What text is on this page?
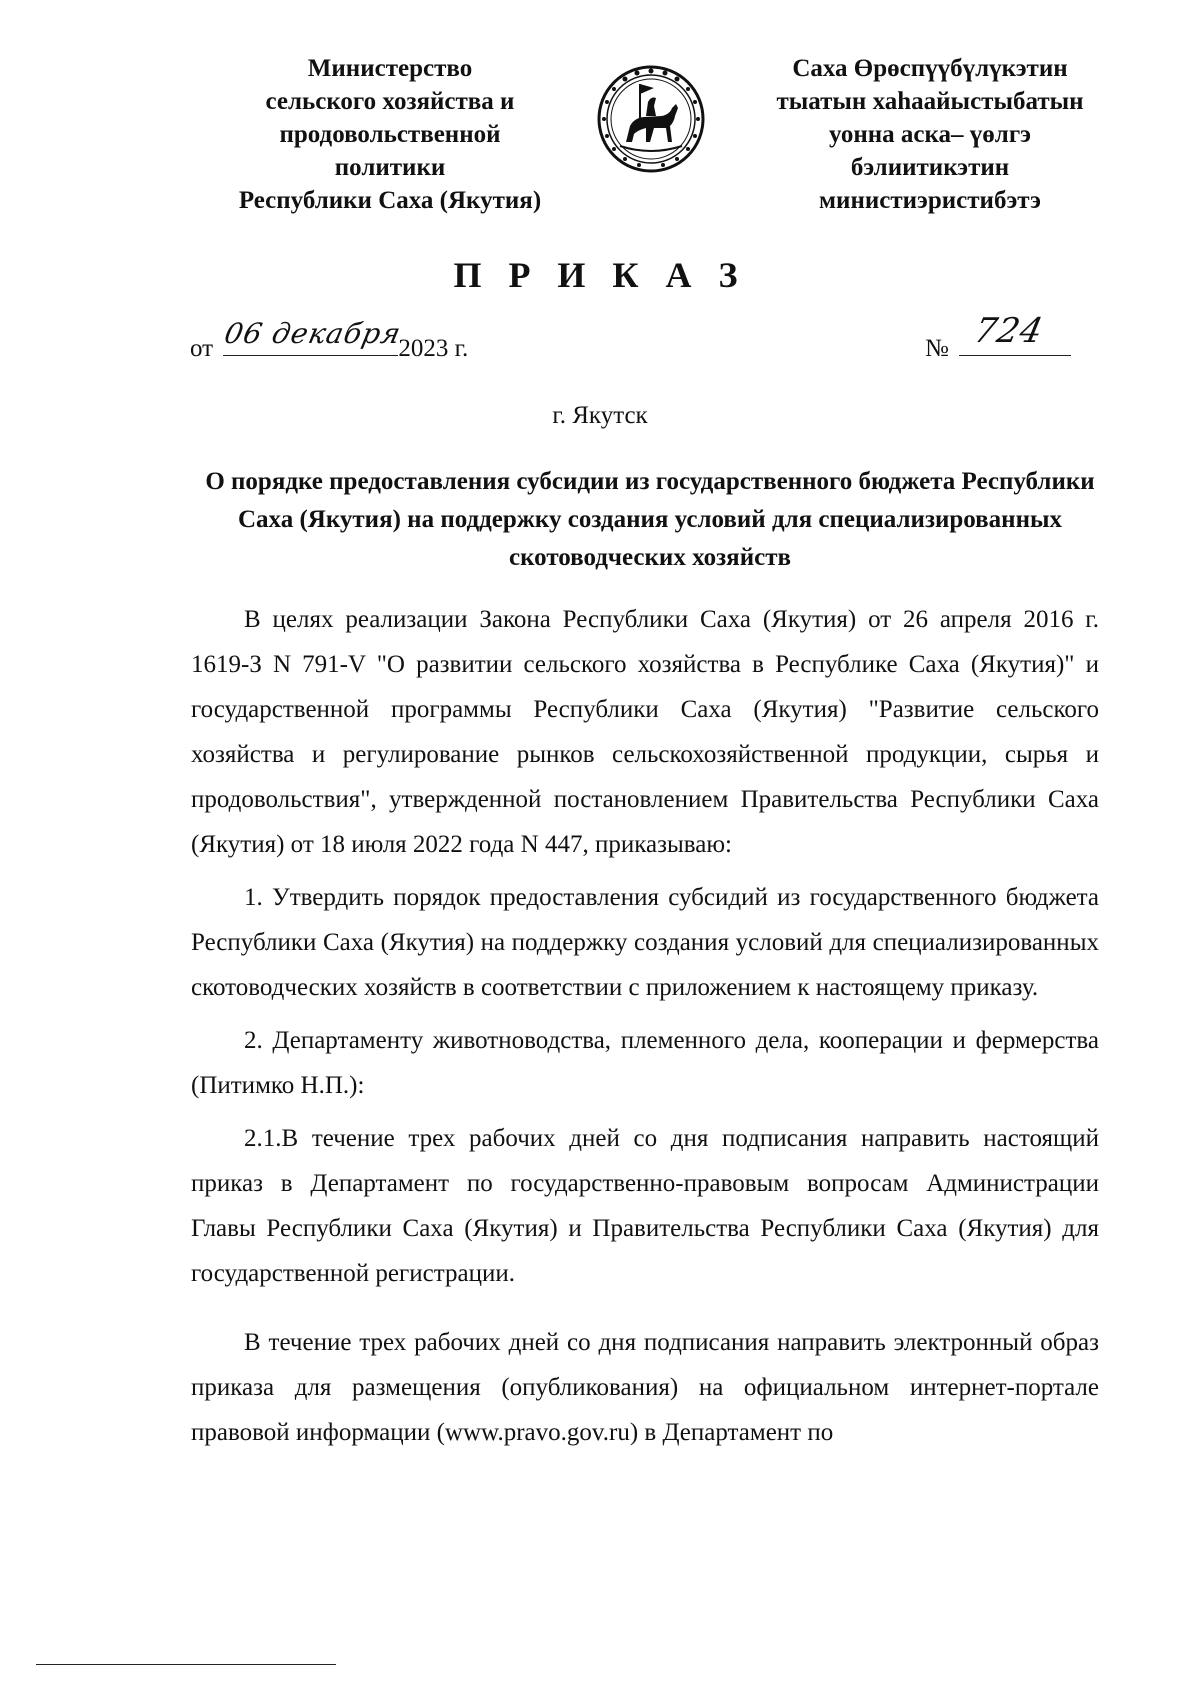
Министерство
сельского хозяйства и
продовольственной
политики
Республики Саха (Якутия)
Саха Өрөспүүбүлүкэтин
тыатын хаһаайыстыбатын
уонна аска– үөлгэ
бэлиитикэтин
министиэристибэтэ
П Р И К А З
от 06 декабря
2023 г.	№ 724
г. Якутск
О порядке предоставления субсидии из государственного бюджета Республики Саха (Якутия) на поддержку создания условий для специализированных скотоводческих хозяйств

В целях реализации Закона Республики Саха (Якутия) от 26 апреля 2016 г. 1619-З N 791-V "О развитии сельского хозяйства в Республике Саха (Якутия)" и государственной программы Республики Саха (Якутия) "Развитие сельского хозяйства и регулирование рынков сельскохозяйственной продукции, сырья и продовольствия", утвержденной постановлением Правительства Республики Саха (Якутия) от 18 июля 2022 года N 447, приказываю:

1. Утвердить порядок предоставления субсидий из государственного бюджета Республики Саха (Якутия) на поддержку создания условий для специализированных скотоводческих хозяйств в соответствии с приложением к настоящему приказу.

2. Департаменту животноводства, племенного дела, кооперации и фермерства (Питимко Н.П.):

2.1.В течение трех рабочих дней со дня подписания направить настоящий приказ в Департамент по государственно-правовым вопросам Администрации Главы Республики Саха (Якутия) и Правительства Республики Саха (Якутия) для государственной регистрации.

В течение трех рабочих дней со дня подписания направить электронный образ приказа для размещения (опубликования) на официальном интернет-портале правовой информации (www.pravo.gov.ru) в Департамент по
